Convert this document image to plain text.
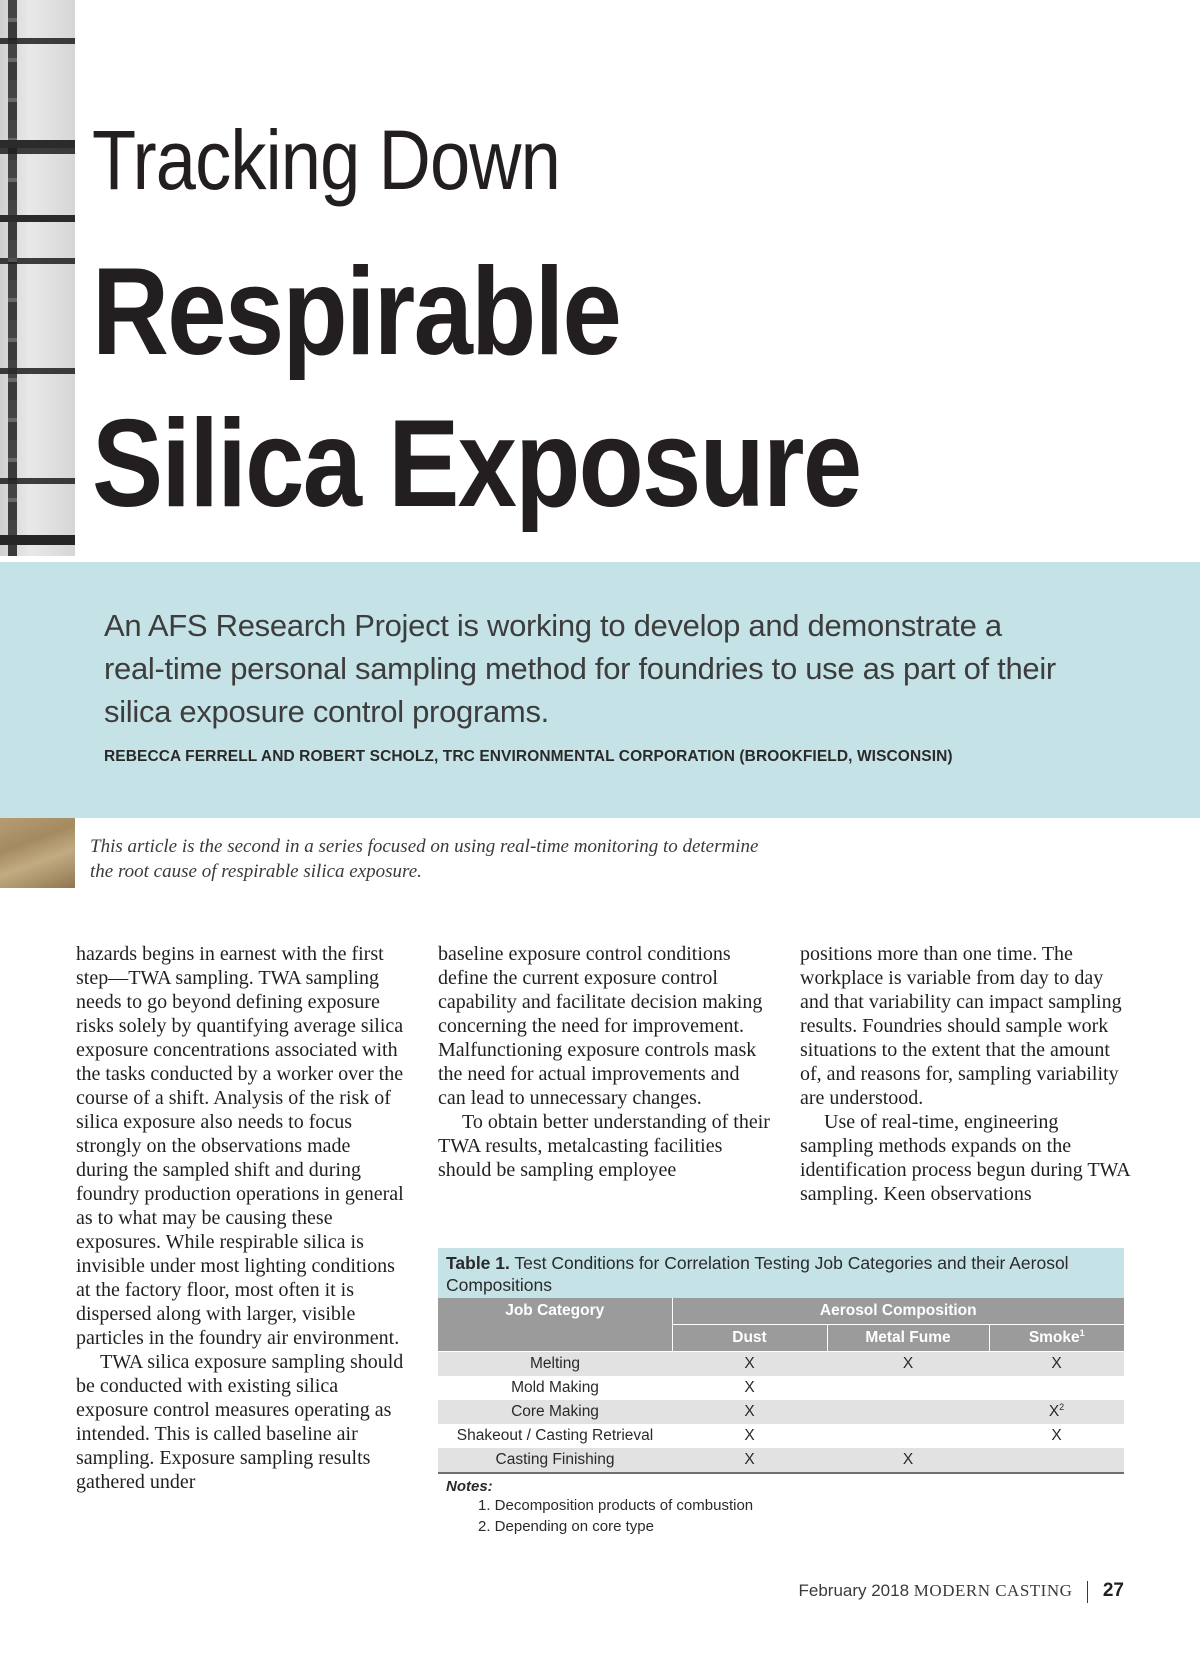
Tracking Down
Respirable
Silica Exposure
An AFS Research Project is working to develop and demonstrate a real-time personal sampling method for foundries to use as part of their silica exposure control programs.
REBECCA FERRELL AND ROBERT SCHOLZ, TRC ENVIRONMENTAL CORPORATION (BROOKFIELD, WISCONSIN)
This article is the second in a series focused on using real-time monitoring to determine the root cause of respirable silica exposure.

hazards begins in earnest with the first step—TWA sampling. TWA sampling needs to go beyond defining exposure risks solely by quantifying average silica exposure concentrations associated with the tasks conducted by a worker over the course of a shift. Analysis of the risk of silica exposure also needs to focus strongly on the observations made during the sampled shift and during foundry production operations in general as to what may be causing these exposures. While respirable silica is invisible under most lighting conditions at the factory floor, most often it is dispersed along with larger, visible particles in the foundry air environment.

TWA silica exposure sampling should be conducted with existing silica exposure control measures operating as intended. This is called baseline air sampling. Exposure sampling results gathered under

baseline exposure control conditions define the current exposure control capability and facilitate decision making concerning the need for improvement. Malfunctioning exposure controls mask the need for actual improvements and can lead to unnecessary changes.

To obtain better understanding of their TWA results, metalcasting facilities should be sampling employee

positions more than one time. The workplace is variable from day to day and that variability can impact sampling results. Foundries should sample work situations to the extent that the amount of, and reasons for, sampling variability are understood.

Use of real-time, engineering sampling methods expands on the identification process begun during TWA sampling. Keen observations

Table 1. Test Conditions for Correlation Testing Job Categories and their Aerosol Compositions
Job Category	Aerosol Composition		
	Dust	Metal Fume	Smoke$^1$
Melting	X	X	X
Mold Making	X		
Core Making	X		$X^2$
Shakeout / Casting Retrieval	X		X
Casting Finishing	X	X	
Notes:
1. Decomposition products of combustion
2. Depending on core type
February 2018 MODERN CASTING 27
